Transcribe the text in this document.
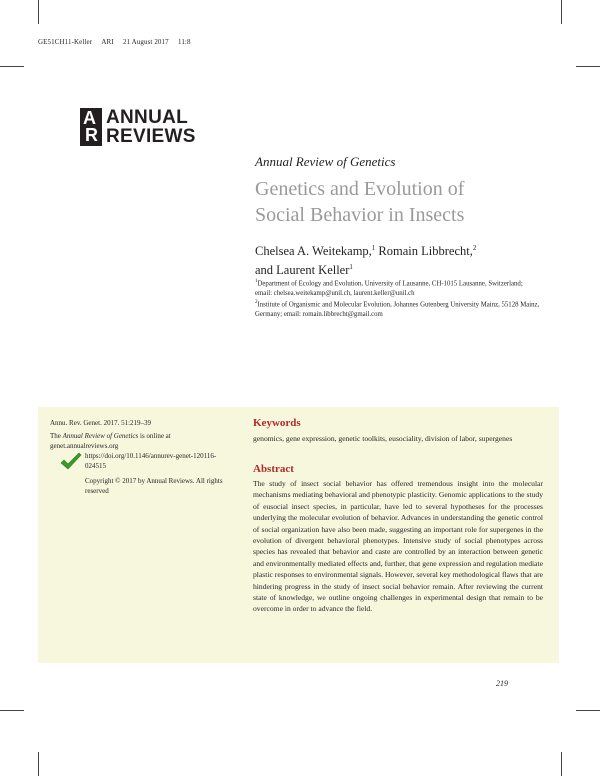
GE51CH11-Keller ARI 21 August 2017 11:8
A
R
ANNUAL
REVIEWS
Annual Review of Genetics
Genetics and Evolution of
Social Behavior in Insects
Chelsea A. Weitekamp,$^1$ Romain Libbrecht,$^2$
and Laurent Keller$^1$
$^1$Department of Ecology and Evolution, University of Lausanne, CH-1015 Lausanne, Switzerland; email: chelsea.weitekamp@unil.ch, laurent.keller@unil.ch
$^2$Institute of Organismic and Molecular Evolution, Johannes Gutenberg University Mainz, 55128 Mainz, Germany; email: romain.libbrecht@gmail.com
Annu. Rev. Genet. 2017. 51:219–39
The Annual Review of Genetics is online at genet.annualreviews.org
https://doi.org/10.1146/annurev-genet-120116-024515
Copyright © 2017 by Annual Reviews. All rights reserved
Keywords
genomics, gene expression, genetic toolkits, eusociality, division of labor, supergenes
Abstract
The study of insect social behavior has offered tremendous insight into the molecular mechanisms mediating behavioral and phenotypic plasticity. Genomic applications to the study of eusocial insect species, in particular, have led to several hypotheses for the processes underlying the molecular evolution of behavior. Advances in understanding the genetic control of social organization have also been made, suggesting an important role for supergenes in the evolution of divergent behavioral phenotypes. Intensive study of social phenotypes across species has revealed that behavior and caste are controlled by an interaction between genetic and environmentally mediated effects and, further, that gene expression and regulation mediate plastic responses to environmental signals. However, several key methodological flaws that are hindering progress in the study of insect social behavior remain. After reviewing the current state of knowledge, we outline ongoing challenges in experimental design that remain to be overcome in order to advance the field.
219
